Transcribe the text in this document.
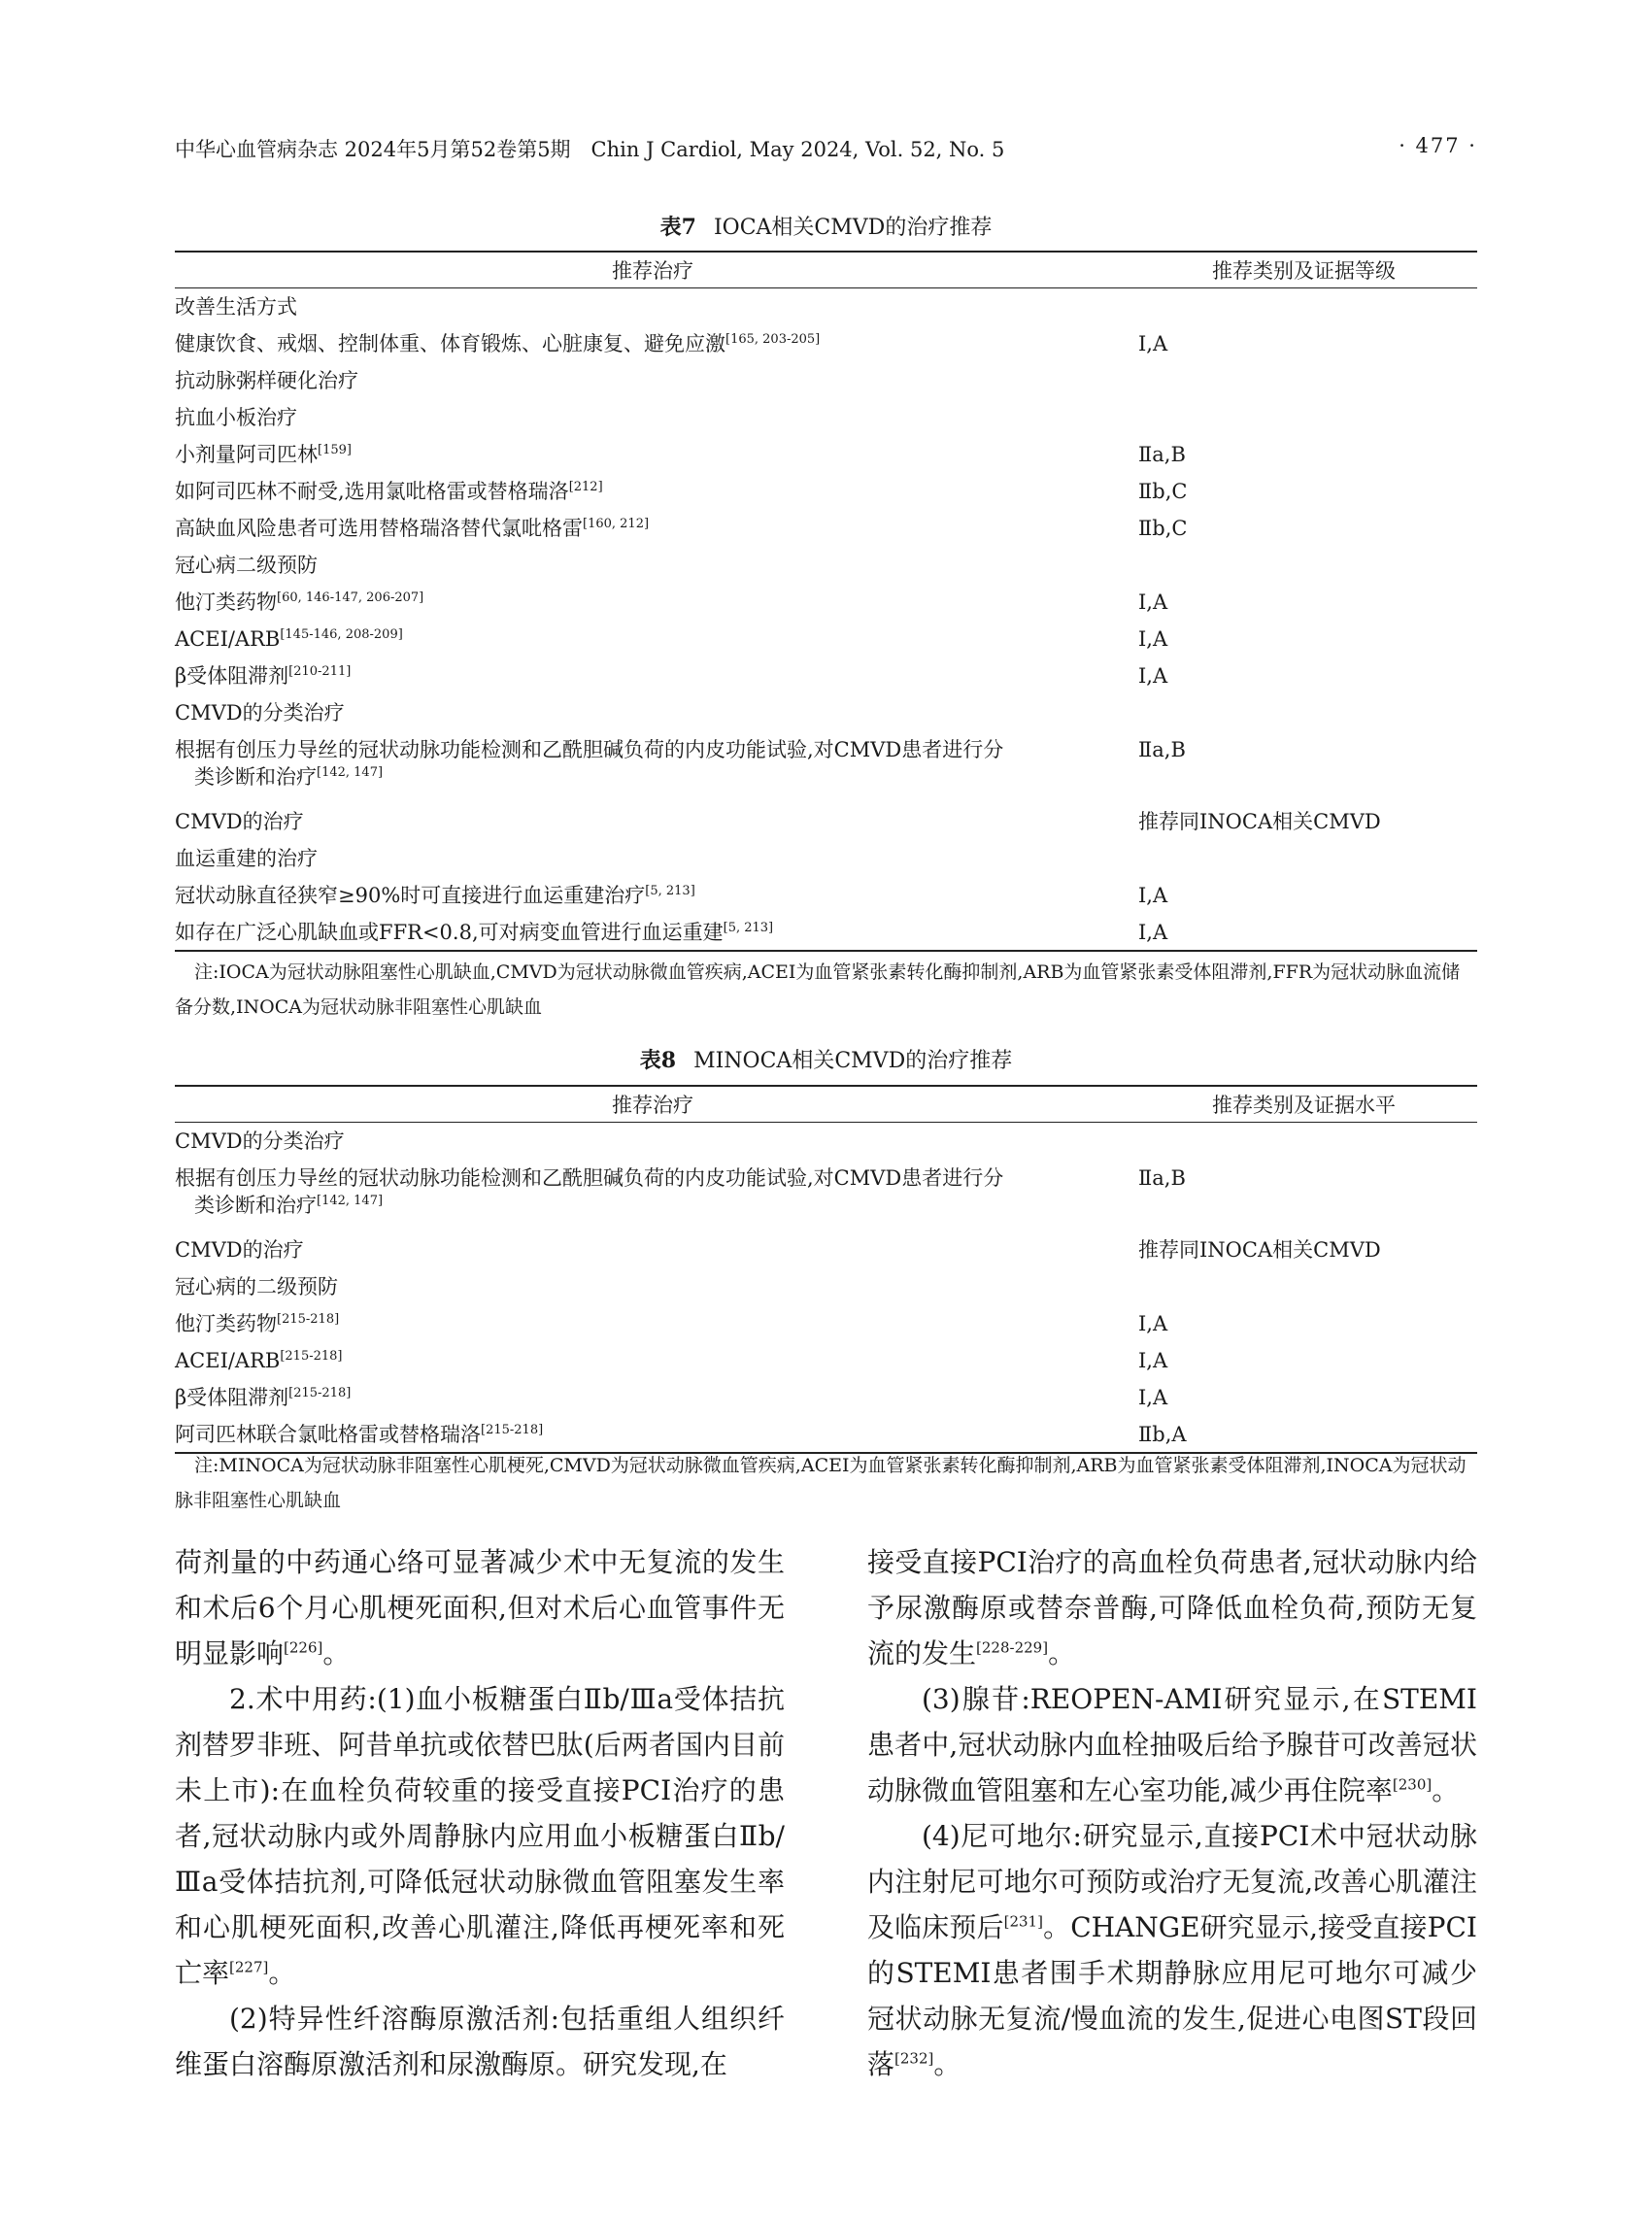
中华心血管病杂志 2024年5月第52卷第5期　Chin J Cardiol, May 2024, Vol. 52, No. 5	· 477 ·
表7 IOCA相关CMVD的治疗推荐
推荐治疗	推荐类别及证据等级
改善生活方式	
健康饮食、戒烟、控制体重、体育锻炼、心脏康复、避免应激[165, 203-205]	Ⅰ,A
抗动脉粥样硬化治疗	
抗血小板治疗	
小剂量阿司匹林[159]	Ⅱa,B
如阿司匹林不耐受,选用氯吡格雷或替格瑞洛[212]	Ⅱb,C
高缺血风险患者可选用替格瑞洛替代氯吡格雷[160, 212]	Ⅱb,C
冠心病二级预防	
他汀类药物[60, 146-147, 206-207]	Ⅰ,A
ACEI/ARB[145-146, 208-209]	Ⅰ,A
β受体阻滞剂[210-211]	Ⅰ,A
CMVD的分类治疗	

根据有创压力导丝的冠状动脉功能检测和乙酰胆碱负荷的内皮功能试验,对CMVD患者进行分
类诊断和治疗[142, 147]	Ⅱa,B
CMVD的治疗	推荐同INOCA相关CMVD
血运重建的治疗	
冠状动脉直径狭窄≥90%时可直接进行血运重建治疗[5, 213]	Ⅰ,A
如存在广泛心肌缺血或FFR<0.8,可对病变血管进行血运重建[5, 213]	Ⅰ,A
注:IOCA为冠状动脉阻塞性心肌缺血,CMVD为冠状动脉微血管疾病,ACEI为血管紧张素转化酶抑制剂,ARB为血管紧张素受体阻滞剂,FFR为冠状动脉血流储备分数,INOCA为冠状动脉非阻塞性心肌缺血
表8 MINOCA相关CMVD的治疗推荐
推荐治疗	推荐类别及证据水平
CMVD的分类治疗	

根据有创压力导丝的冠状动脉功能检测和乙酰胆碱负荷的内皮功能试验,对CMVD患者进行分
类诊断和治疗[142, 147]	Ⅱa,B
CMVD的治疗	推荐同INOCA相关CMVD
冠心病的二级预防	
他汀类药物[215-218]	Ⅰ,A
ACEI/ARB[215-218]	Ⅰ,A
β受体阻滞剂[215-218]	Ⅰ,A
阿司匹林联合氯吡格雷或替格瑞洛[215-218]	Ⅱb,A
注:MINOCA为冠状动脉非阻塞性心肌梗死,CMVD为冠状动脉微血管疾病,ACEI为血管紧张素转化酶抑制剂,ARB为血管紧张素受体阻滞剂,INOCA为冠状动脉非阻塞性心肌缺血

荷剂量的中药通心络可显著减少术中无复流的发生和术后6个月心肌梗死面积,但对术后心血管事件无明显影响[226]。

2.术中用药:(1)血小板糖蛋白Ⅱb/Ⅲa受体拮抗剂替罗非班、阿昔单抗或依替巴肽(后两者国内目前未上市):在血栓负荷较重的接受直接PCI治疗的患者,冠状动脉内或外周静脉内应用血小板糖蛋白Ⅱb/Ⅲa受体拮抗剂,可降低冠状动脉微血管阻塞发生率和心肌梗死面积,改善心肌灌注,降低再梗死率和死亡率[227]。

(2)特异性纤溶酶原激活剂:包括重组人组织纤维蛋白溶酶原激活剂和尿激酶原。研究发现,在

接受直接PCI治疗的高血栓负荷患者,冠状动脉内给予尿激酶原或替奈普酶,可降低血栓负荷,预防无复流的发生[228-229]。

(3)腺苷:REOPEN-AMI研究显示,在STEMI患者中,冠状动脉内血栓抽吸后给予腺苷可改善冠状动脉微血管阻塞和左心室功能,减少再住院率[230]。

(4)尼可地尔:研究显示,直接PCI术中冠状动脉内注射尼可地尔可预防或治疗无复流,改善心肌灌注及临床预后[231]。CHANGE研究显示,接受直接PCI的STEMI患者围手术期静脉应用尼可地尔可减少冠状动脉无复流/慢血流的发生,促进心电图ST段回落[232]。
